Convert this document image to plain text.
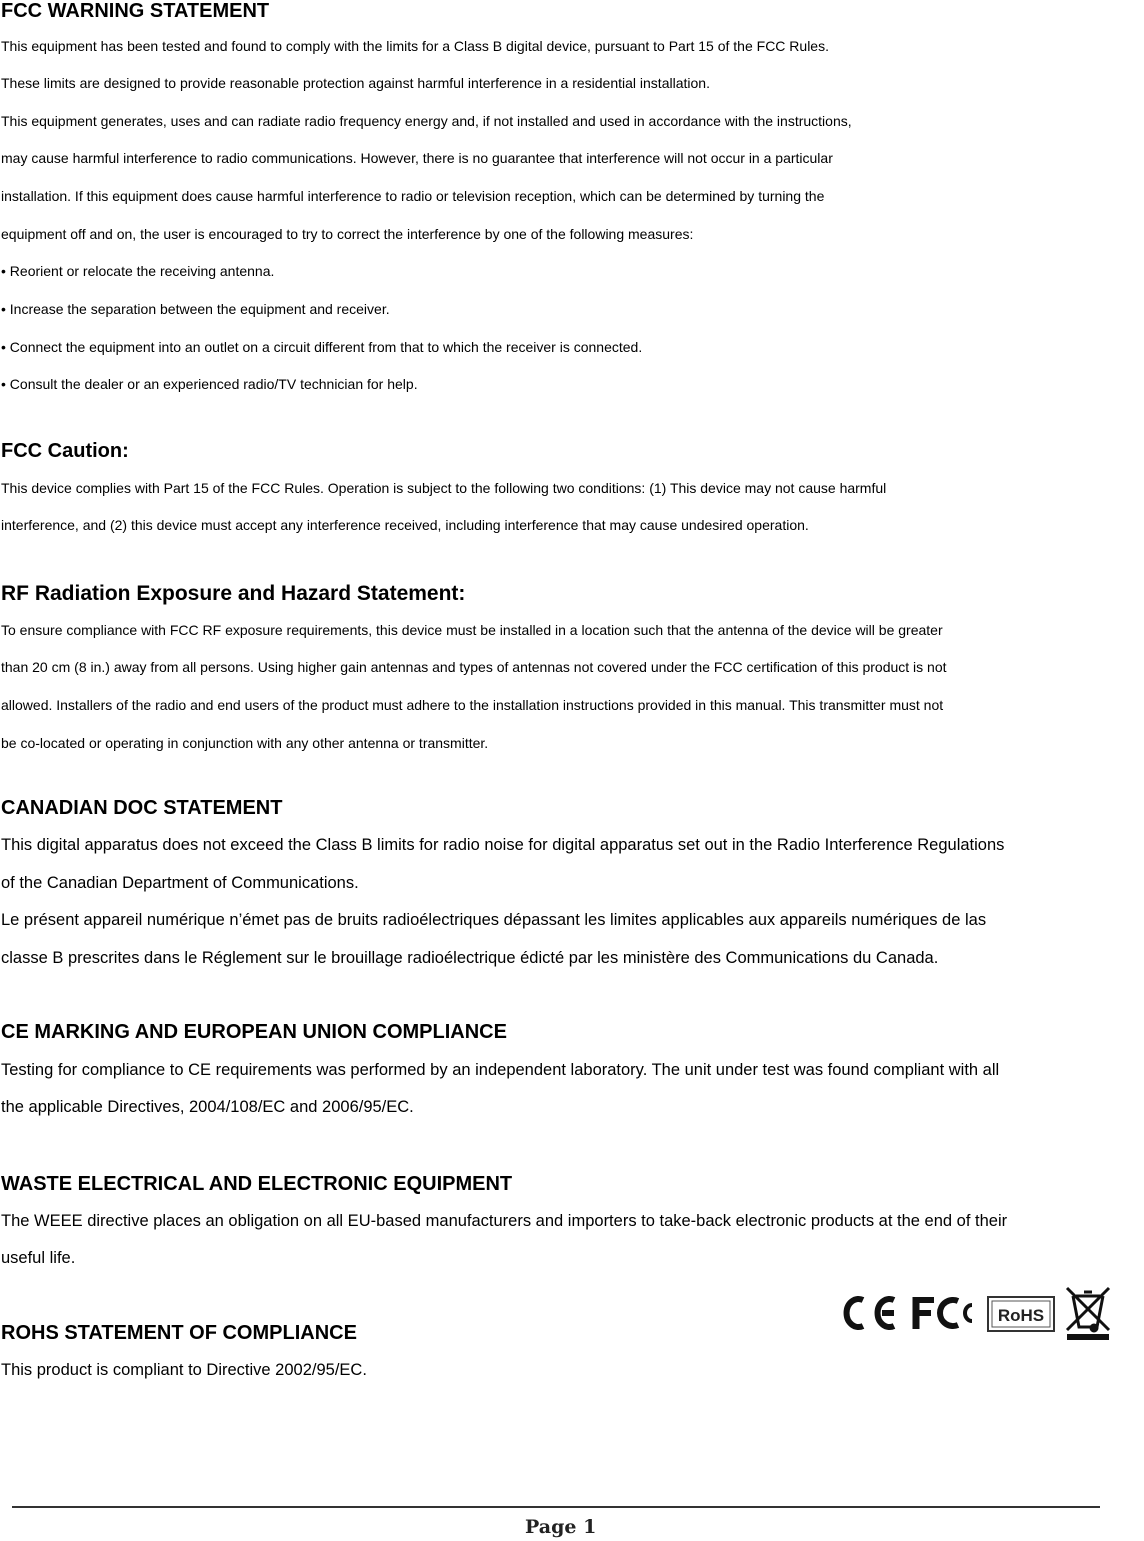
FCC WARNING STATEMENT

This equipment has been tested and found to comply with the limits for a Class B digital device, pursuant to Part 15 of the FCC Rules.

These limits are designed to provide reasonable protection against harmful interference in a residential installation.

This equipment generates, uses and can radiate radio frequency energy and, if not installed and used in accordance with the instructions,

may cause harmful interference to radio communications. However, there is no guarantee that interference will not occur in a particular

installation. If this equipment does cause harmful interference to radio or television reception, which can be determined by turning the

equipment off and on, the user is encouraged to try to correct the interference by one of the following measures:

• Reorient or relocate the receiving antenna.

• Increase the separation between the equipment and receiver.

• Connect the equipment into an outlet on a circuit different from that to which the receiver is connected.

• Consult the dealer or an experienced radio/TV technician for help.

FCC Caution:

This device complies with Part 15 of the FCC Rules. Operation is subject to the following two conditions: (1) This device may not cause harmful

interference, and (2) this device must accept any interference received, including interference that may cause undesired operation.

RF Radiation Exposure and Hazard Statement:

To ensure compliance with FCC RF exposure requirements, this device must be installed in a location such that the antenna of the device will be greater

than 20 cm (8 in.) away from all persons. Using higher gain antennas and types of antennas not covered under the FCC certification of this product is not

allowed. Installers of the radio and end users of the product must adhere to the installation instructions provided in this manual. This transmitter must not

be co-located or operating in conjunction with any other antenna or transmitter.

CANADIAN DOC STATEMENT

This digital apparatus does not exceed the Class B limits for radio noise for digital apparatus set out in the Radio Interference Regulations

of the Canadian Department of Communications.

Le présent appareil numérique n’émet pas de bruits radioélectriques dépassant les limites applicables aux appareils numériques de las

classe B prescrites dans le Réglement sur le brouillage radioélectrique édicté par les ministère des Communications du Canada.

CE MARKING AND EUROPEAN UNION COMPLIANCE

Testing for compliance to CE requirements was performed by an independent laboratory. The unit under test was found compliant with all

the applicable Directives, 2004/108/EC and 2006/95/EC.

WASTE ELECTRICAL AND ELECTRONIC EQUIPMENT

The WEEE directive places an obligation on all EU-based manufacturers and importers to take-back electronic products at the end of their

useful life.

ROHS STATEMENT OF COMPLIANCE

This product is compliant to Directive 2002/95/EC.

RoHS

Page 1
